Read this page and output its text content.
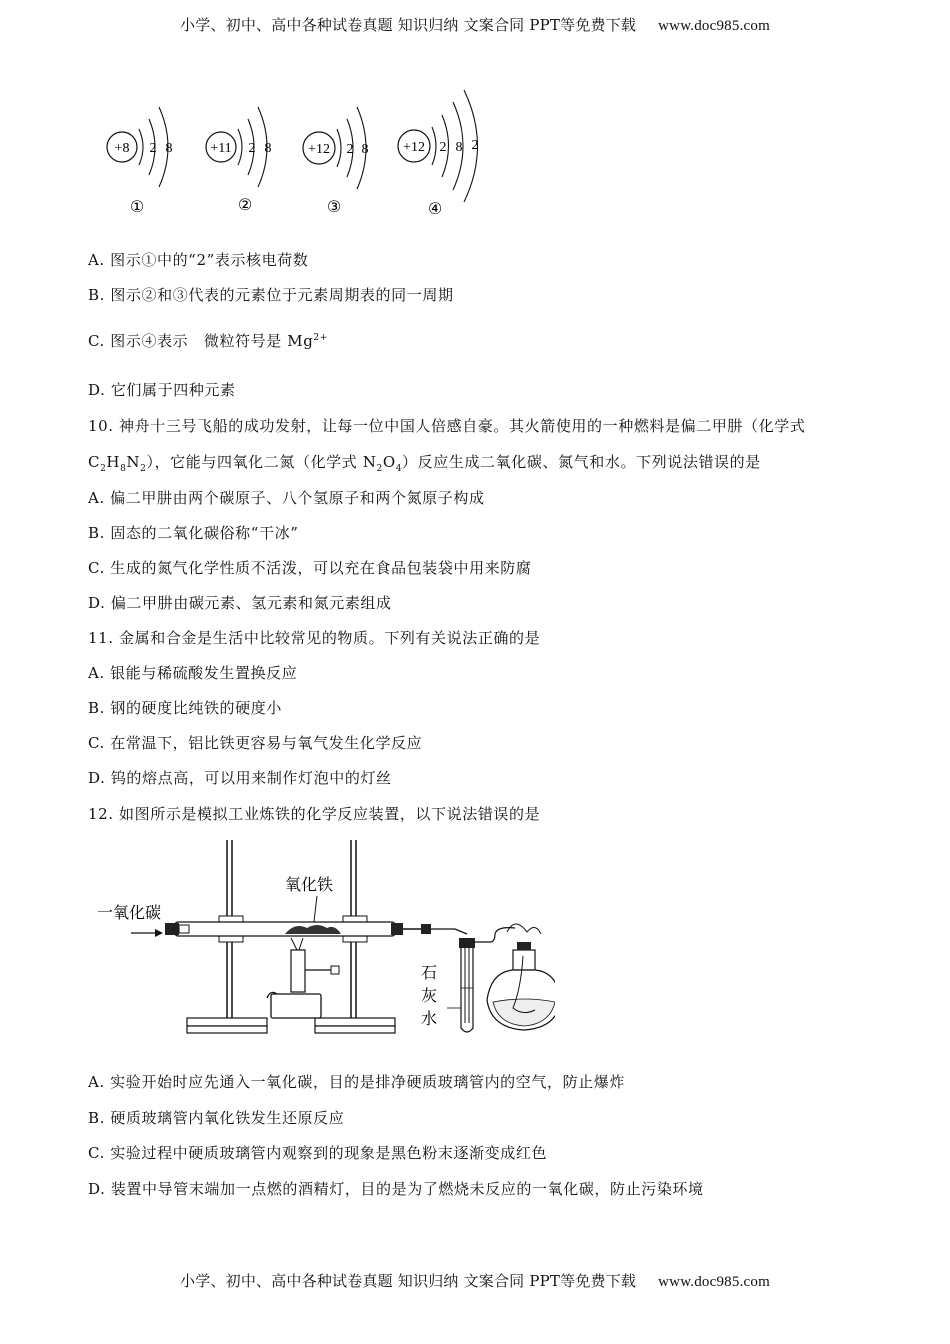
小学、初中、高中各种试卷真题 知识归纳 文案合同 PPT等免费下载 www.doc985.com
+8 2 8
①
+11 2 8
②
+12 2 8
③
+12 2 8 2
④
A. 图示①中的“2”表示核电荷数
B. 图示②和③代表的元素位于元素周期表的同一周期
C. 图示④表示　微粒符号是 $Mg^{2+}$
D. 它们属于四种元素
10. 神舟十三号飞船的成功发射，让每一位中国人倍感自豪。其火箭使用的一种燃料是偏二甲肼（化学式
$C_2H_8N_2$），它能与四氧化二氮（化学式 $N_2O_4$）反应生成二氧化碳、氮气和水。下列说法错误的是
A. 偏二甲肼由两个碳原子、八个氢原子和两个氮原子构成
B. 固态的二氧化碳俗称“干冰”
C. 生成的氮气化学性质不活泼，可以充在食品包装袋中用来防腐
D. 偏二甲肼由碳元素、氢元素和氮元素组成
11. 金属和合金是生活中比较常见的物质。下列有关说法正确的是
A. 银能与稀硫酸发生置换反应
B. 钢的硬度比纯铁的硬度小
C. 在常温下，铝比铁更容易与氧气发生化学反应
D. 钨的熔点高，可以用来制作灯泡中的灯丝
12. 如图所示是模拟工业炼铁的化学反应装置，以下说法错误的是
一氧化碳
氧化铁
石
灰
水
A. 实验开始时应先通入一氧化碳，目的是排净硬质玻璃管内的空气，防止爆炸
B. 硬质玻璃管内氧化铁发生还原反应
C. 实验过程中硬质玻璃管内观察到的现象是黑色粉末逐渐变成红色
D. 装置中导管末端加一点燃的酒精灯，目的是为了燃烧未反应的一氧化碳，防止污染环境
小学、初中、高中各种试卷真题 知识归纳 文案合同 PPT等免费下载 www.doc985.com
